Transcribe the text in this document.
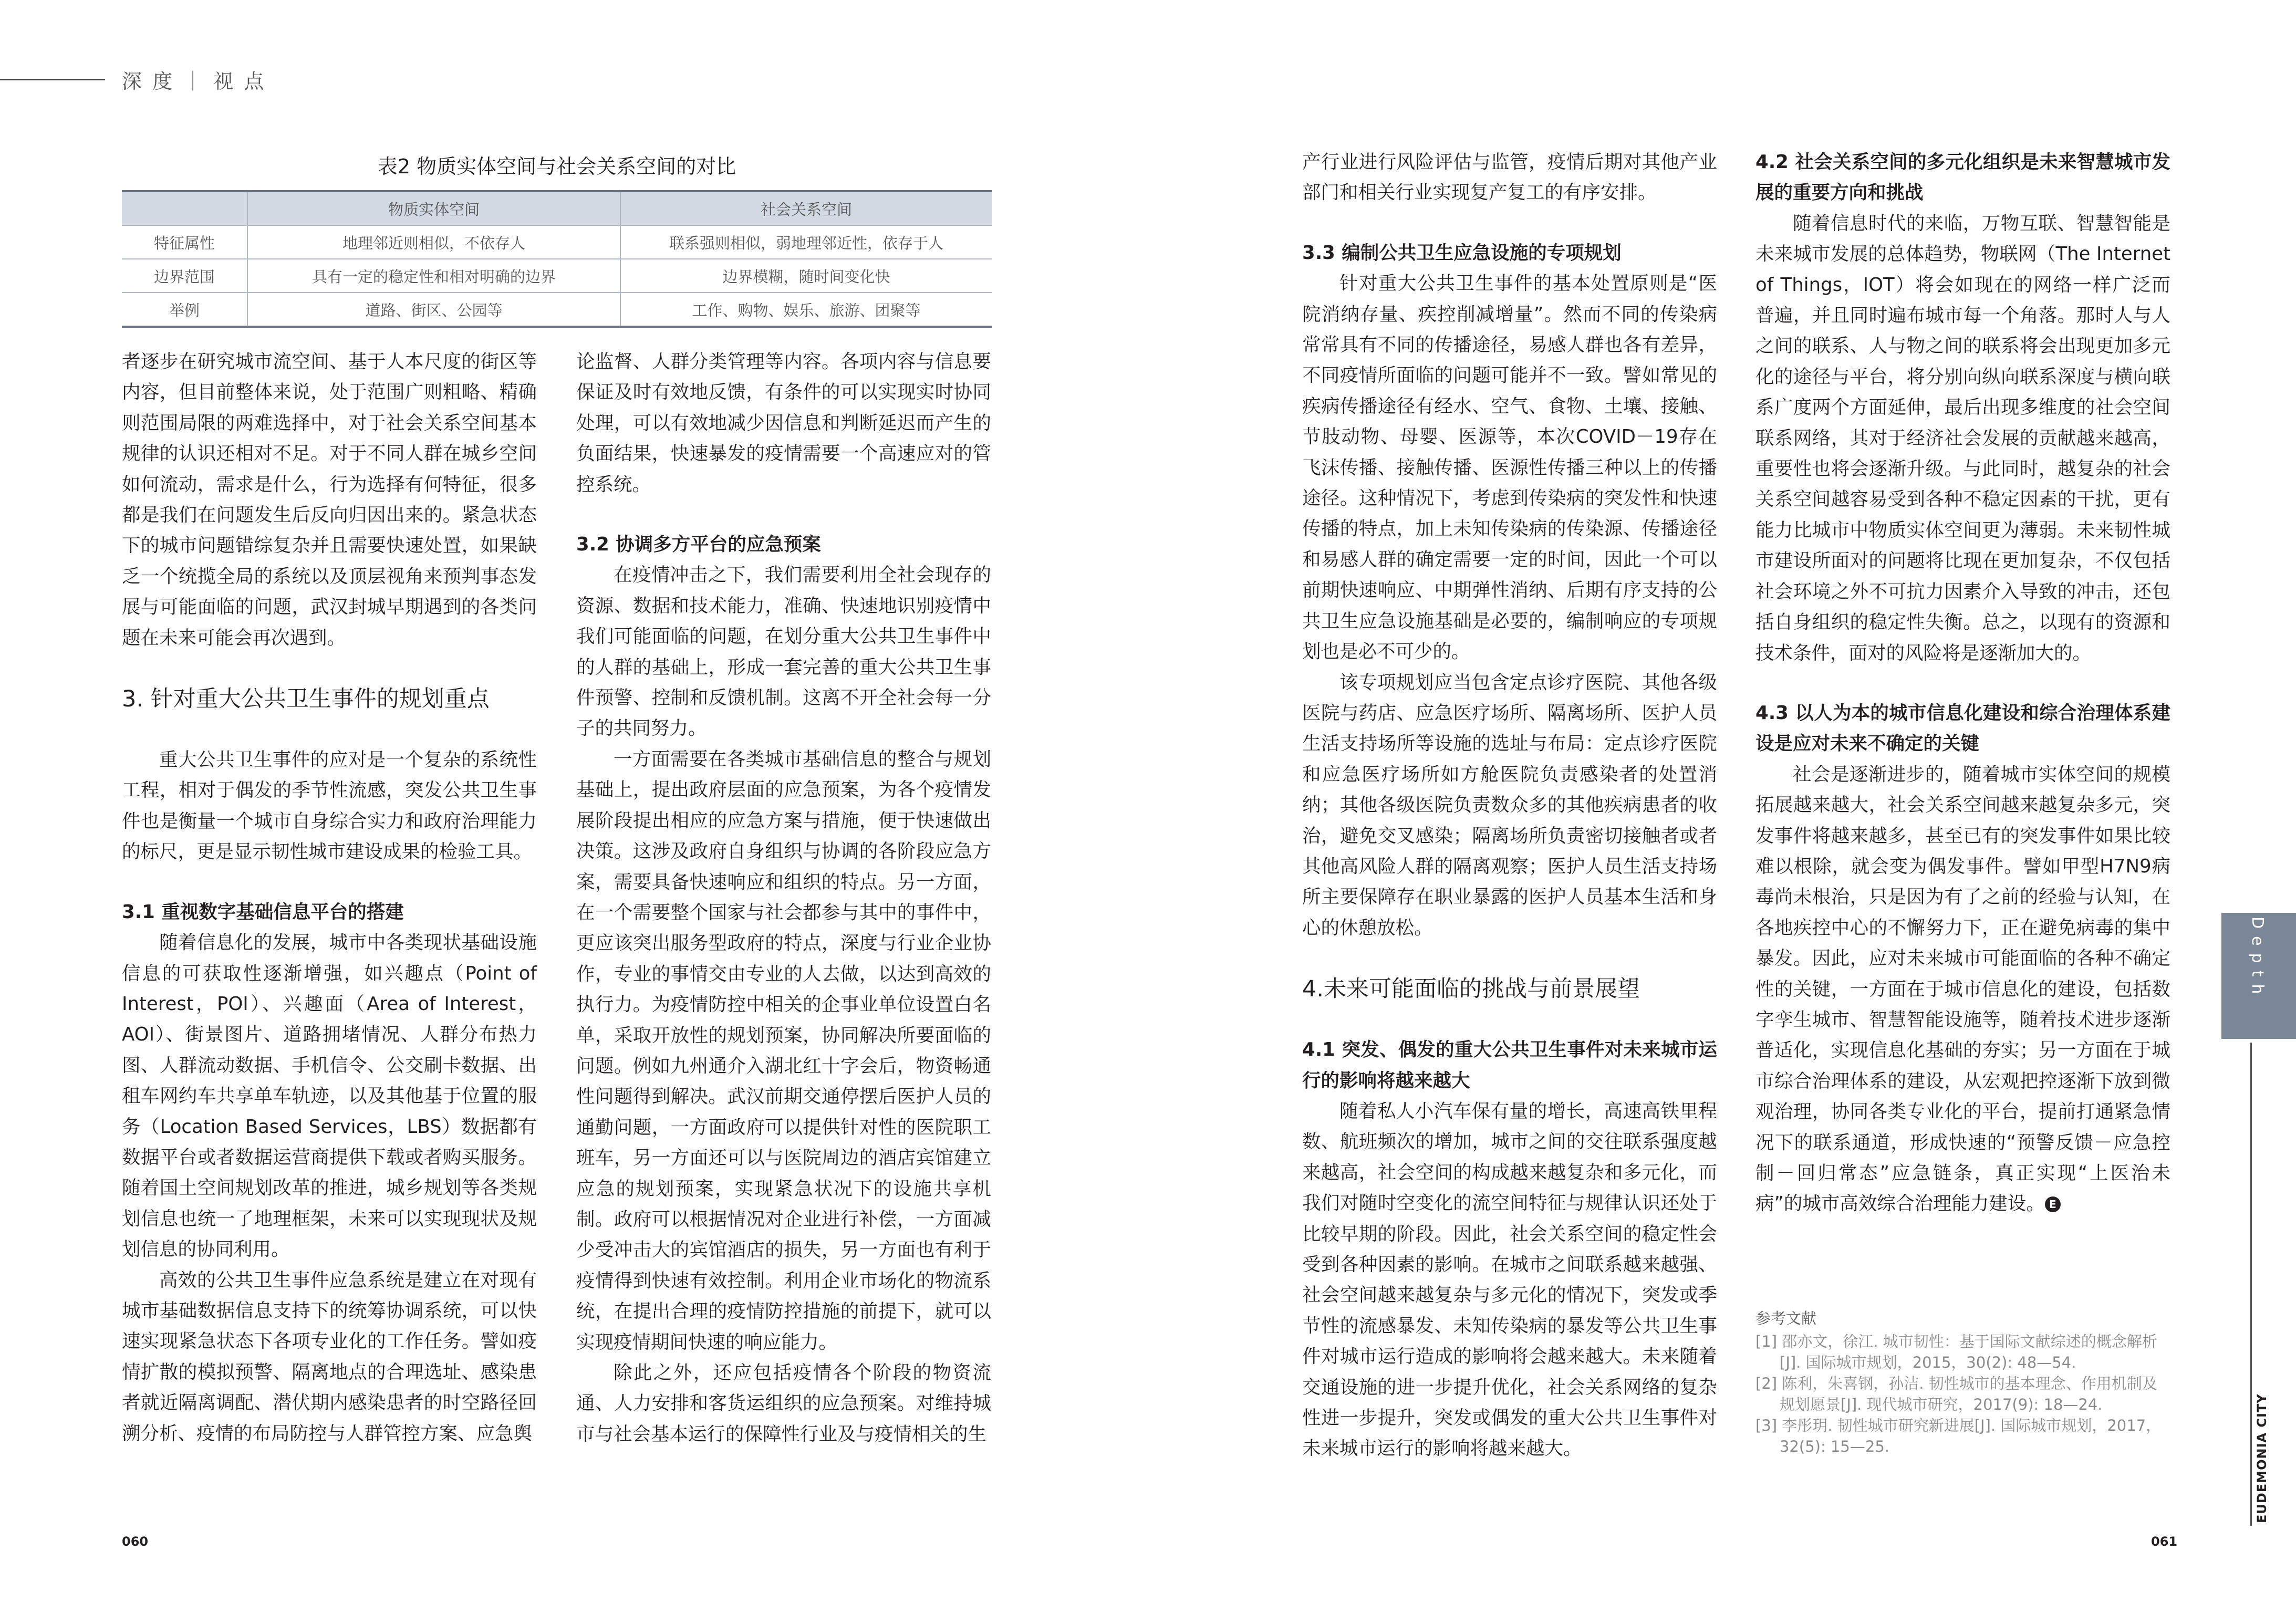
深 度 ｜ 视 点
表2 物质实体空间与社会关系空间的对比
	物质实体空间	社会关系空间
特征属性	地理邻近则相似，不依存人	联系强则相似，弱地理邻近性，依存于人
边界范围	具有一定的稳定性和相对明确的边界	边界模糊，随时间变化快
举例	道路、街区、公园等	工作、购物、娱乐、旅游、团聚等

者逐步在研究城市流空间、基于人本尺度的街区等内容，但目前整体来说，处于范围广则粗略、精确则范围局限的两难选择中，对于社会关系空间基本规律的认识还相对不足。对于不同人群在城乡空间如何流动，需求是什么，行为选择有何特征，很多都是我们在问题发生后反向归因出来的。紧急状态下的城市问题错综复杂并且需要快速处置，如果缺乏一个统揽全局的系统以及顶层视角来预判事态发展与可能面临的问题，武汉封城早期遇到的各类问题在未来可能会再次遇到。

3. 针对重大公共卫生事件的规划重点

重大公共卫生事件的应对是一个复杂的系统性工程，相对于偶发的季节性流感，突发公共卫生事件也是衡量一个城市自身综合实力和政府治理能力的标尺，更是显示韧性城市建设成果的检验工具。

3.1 重视数字基础信息平台的搭建

随着信息化的发展，城市中各类现状基础设施信息的可获取性逐渐增强，如兴趣点（Point of Interest，POI）、兴趣面（Area of Interest，AOI）、街景图片、道路拥堵情况、人群分布热力图、人群流动数据、手机信令、公交刷卡数据、出租车网约车共享单车轨迹，以及其他基于位置的服务（Location Based Services，LBS）数据都有数据平台或者数据运营商提供下载或者购买服务。随着国土空间规划改革的推进，城乡规划等各类规划信息也统一了地理框架，未来可以实现现状及规划信息的协同利用。

高效的公共卫生事件应急系统是建立在对现有城市基础数据信息支持下的统筹协调系统，可以快速实现紧急状态下各项专业化的工作任务。譬如疫情扩散的模拟预警、隔离地点的合理选址、感染患者就近隔离调配、潜伏期内感染患者的时空路径回溯分析、疫情的布局防控与人群管控方案、应急舆

论监督、人群分类管理等内容。各项内容与信息要保证及时有效地反馈，有条件的可以实现实时协同处理，可以有效地减少因信息和判断延迟而产生的负面结果，快速暴发的疫情需要一个高速应对的管控系统。

3.2 协调多方平台的应急预案

在疫情冲击之下，我们需要利用全社会现存的资源、数据和技术能力，准确、快速地识别疫情中我们可能面临的问题，在划分重大公共卫生事件中的人群的基础上，形成一套完善的重大公共卫生事件预警、控制和反馈机制。这离不开全社会每一分子的共同努力。

一方面需要在各类城市基础信息的整合与规划基础上，提出政府层面的应急预案，为各个疫情发展阶段提出相应的应急方案与措施，便于快速做出决策。这涉及政府自身组织与协调的各阶段应急方案，需要具备快速响应和组织的特点。另一方面，在一个需要整个国家与社会都参与其中的事件中，更应该突出服务型政府的特点，深度与行业企业协作，专业的事情交由专业的人去做，以达到高效的执行力。为疫情防控中相关的企事业单位设置白名单，采取开放性的规划预案，协同解决所要面临的问题。例如九州通介入湖北红十字会后，物资畅通性问题得到解决。武汉前期交通停摆后医护人员的通勤问题，一方面政府可以提供针对性的医院职工班车，另一方面还可以与医院周边的酒店宾馆建立应急的规划预案，实现紧急状况下的设施共享机制。政府可以根据情况对企业进行补偿，一方面减少受冲击大的宾馆酒店的损失，另一方面也有利于疫情得到快速有效控制。利用企业市场化的物流系统，在提出合理的疫情防控措施的前提下，就可以实现疫情期间快速的响应能力。

除此之外，还应包括疫情各个阶段的物资流通、人力安排和客货运组织的应急预案。对维持城市与社会基本运行的保障性行业及与疫情相关的生

产行业进行风险评估与监管，疫情后期对其他产业部门和相关行业实现复产复工的有序安排。

3.3 编制公共卫生应急设施的专项规划

针对重大公共卫生事件的基本处置原则是“医院消纳存量、疾控削减增量”。然而不同的传染病常常具有不同的传播途径，易感人群也各有差异，不同疫情所面临的问题可能并不一致。譬如常见的疾病传播途径有经水、空气、食物、土壤、接触、节肢动物、母婴、医源等，本次COVID－19存在飞沫传播、接触传播、医源性传播三种以上的传播途径。这种情况下，考虑到传染病的突发性和快速传播的特点，加上未知传染病的传染源、传播途径和易感人群的确定需要一定的时间，因此一个可以前期快速响应、中期弹性消纳、后期有序支持的公共卫生应急设施基础是必要的，编制响应的专项规划也是必不可少的。

该专项规划应当包含定点诊疗医院、其他各级医院与药店、应急医疗场所、隔离场所、医护人员生活支持场所等设施的选址与布局：定点诊疗医院和应急医疗场所如方舱医院负责感染者的处置消纳；其他各级医院负责数众多的其他疾病患者的收治，避免交叉感染；隔离场所负责密切接触者或者其他高风险人群的隔离观察；医护人员生活支持场所主要保障存在职业暴露的医护人员基本生活和身心的休憩放松。

4.未来可能面临的挑战与前景展望
4.1 突发、偶发的重大公共卫生事件对未来城市运行的影响将越来越大

随着私人小汽车保有量的增长，高速高铁里程数、航班频次的增加，城市之间的交往联系强度越来越高，社会空间的构成越来越复杂和多元化，而我们对随时空变化的流空间特征与规律认识还处于比较早期的阶段。因此，社会关系空间的稳定性会受到各种因素的影响。在城市之间联系越来越强、社会空间越来越复杂与多元化的情况下，突发或季节性的流感暴发、未知传染病的暴发等公共卫生事件对城市运行造成的影响将会越来越大。未来随着交通设施的进一步提升优化，社会关系网络的复杂性进一步提升，突发或偶发的重大公共卫生事件对未来城市运行的影响将越来越大。

4.2 社会关系空间的多元化组织是未来智慧城市发展的重要方向和挑战

随着信息时代的来临，万物互联、智慧智能是未来城市发展的总体趋势，物联网（The Internet of Things，IOT）将会如现在的网络一样广泛而普遍，并且同时遍布城市每一个角落。那时人与人之间的联系、人与物之间的联系将会出现更加多元化的途径与平台，将分别向纵向联系深度与横向联系广度两个方面延伸，最后出现多维度的社会空间联系网络，其对于经济社会发展的贡献越来越高，重要性也将会逐渐升级。与此同时，越复杂的社会关系空间越容易受到各种不稳定因素的干扰，更有能力比城市中物质实体空间更为薄弱。未来韧性城市建设所面对的问题将比现在更加复杂，不仅包括社会环境之外不可抗力因素介入导致的冲击，还包括自身组织的稳定性失衡。总之，以现有的资源和技术条件，面对的风险将是逐渐加大的。

4.3 以人为本的城市信息化建设和综合治理体系建设是应对未来不确定的关键

社会是逐渐进步的，随着城市实体空间的规模拓展越来越大，社会关系空间越来越复杂多元，突发事件将越来越多，甚至已有的突发事件如果比较难以根除，就会变为偶发事件。譬如甲型H7N9病毒尚未根治，只是因为有了之前的经验与认知，在各地疾控中心的不懈努力下，正在避免病毒的集中暴发。因此，应对未来城市可能面临的各种不确定性的关键，一方面在于城市信息化的建设，包括数字孪生城市、智慧智能设施等，随着技术进步逐渐普适化，实现信息化基础的夯实；另一方面在于城市综合治理体系的建设，从宏观把控逐渐下放到微观治理，协同各类专业化的平台，提前打通紧急情况下的联系通道，形成快速的“预警反馈－应急控制－回归常态”应急链条，真正实现“上医治未病”的城市高效综合治理能力建设。 E

参考文献
[1] 邵亦文，徐江. 城市韧性：基于国际文献综述的概念解析[J]. 国际城市规划，2015，30(2): 48—54.
[2] 陈利，朱喜钢，孙洁. 韧性城市的基本理念、作用机制及规划愿景[J]. 现代城市研究，2017(9): 18—24.
[3] 李彤玥. 韧性城市研究新进展[J]. 国际城市规划，2017，32(5): 15—25.
Depth
EUDEMONIA CITY
060	061
